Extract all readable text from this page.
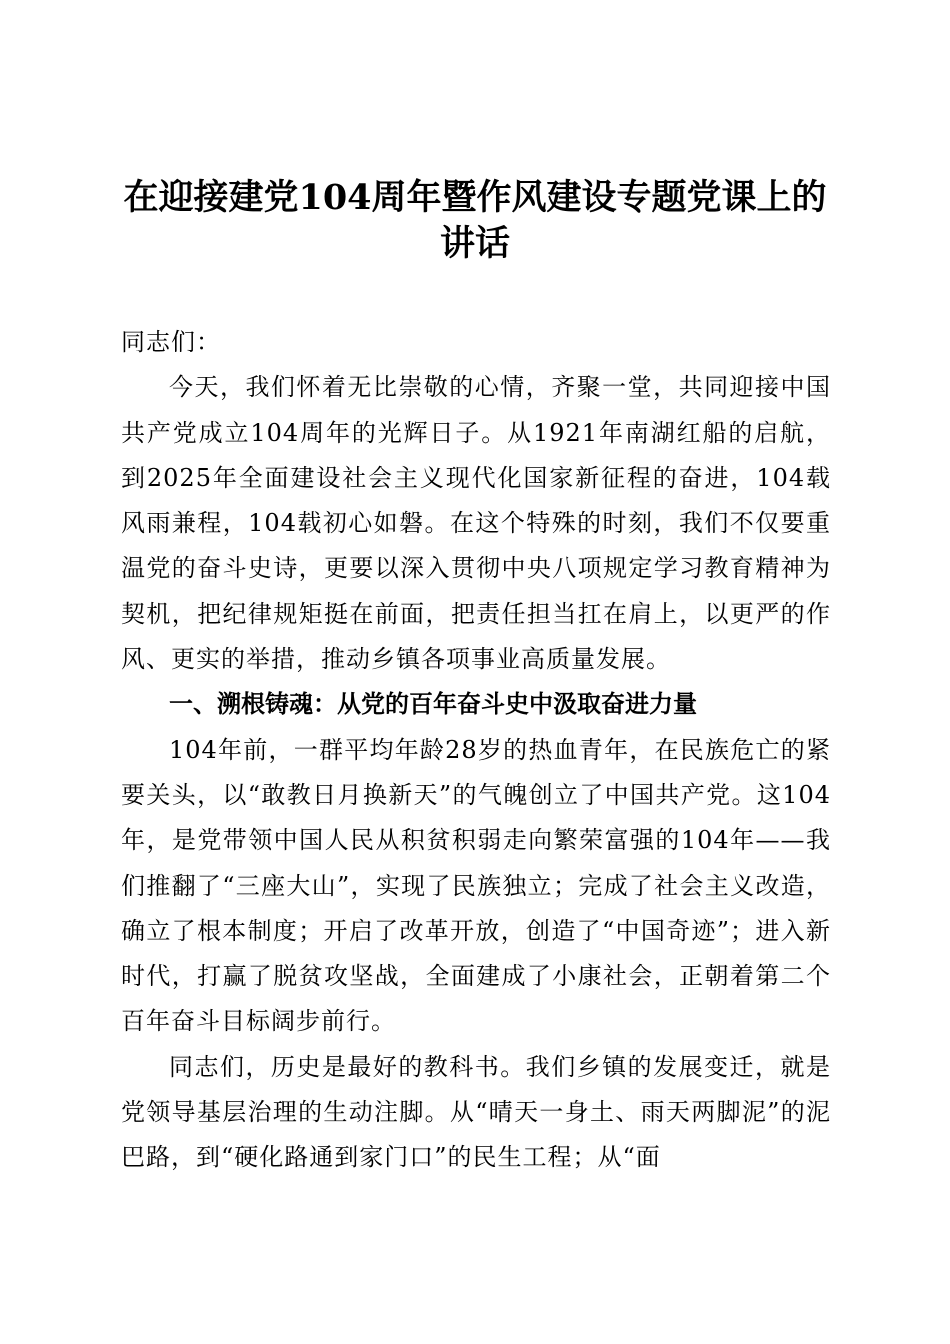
在迎接建党104周年暨作风建设专题党课上的
讲话

同志们：

今天，我们怀着无比崇敬的心情，齐聚一堂，共同迎接中国共产党成立104周年的光辉日子。从1921年南湖红船的启航，到2025年全面建设社会主义现代化国家新征程的奋进，104载风雨兼程，104载初心如磐。在这个特殊的时刻，我们不仅要重温党的奋斗史诗，更要以深入贯彻中央八项规定学习教育精神为契机，把纪律规矩挺在前面，把责任担当扛在肩上，以更严的作风、更实的举措，推动乡镇各项事业高质量发展。

一、溯根铸魂：从党的百年奋斗史中汲取奋进力量

104年前，一群平均年龄28岁的热血青年，在民族危亡的紧要关头，以“敢教日月换新天”的气魄创立了中国共产党。这104年，是党带领中国人民从积贫积弱走向繁荣富强的104年——我们推翻了“三座大山”，实现了民族独立；完成了社会主义改造，确立了根本制度；开启了改革开放，创造了“中国奇迹”；进入新时代，打赢了脱贫攻坚战，全面建成了小康社会，正朝着第二个百年奋斗目标阔步前行。

同志们，历史是最好的教科书。我们乡镇的发展变迁，就是党领导基层治理的生动注脚。从“晴天一身土、雨天两脚泥”的泥巴路，到“硬化路通到家门口”的民生工程；从“面
